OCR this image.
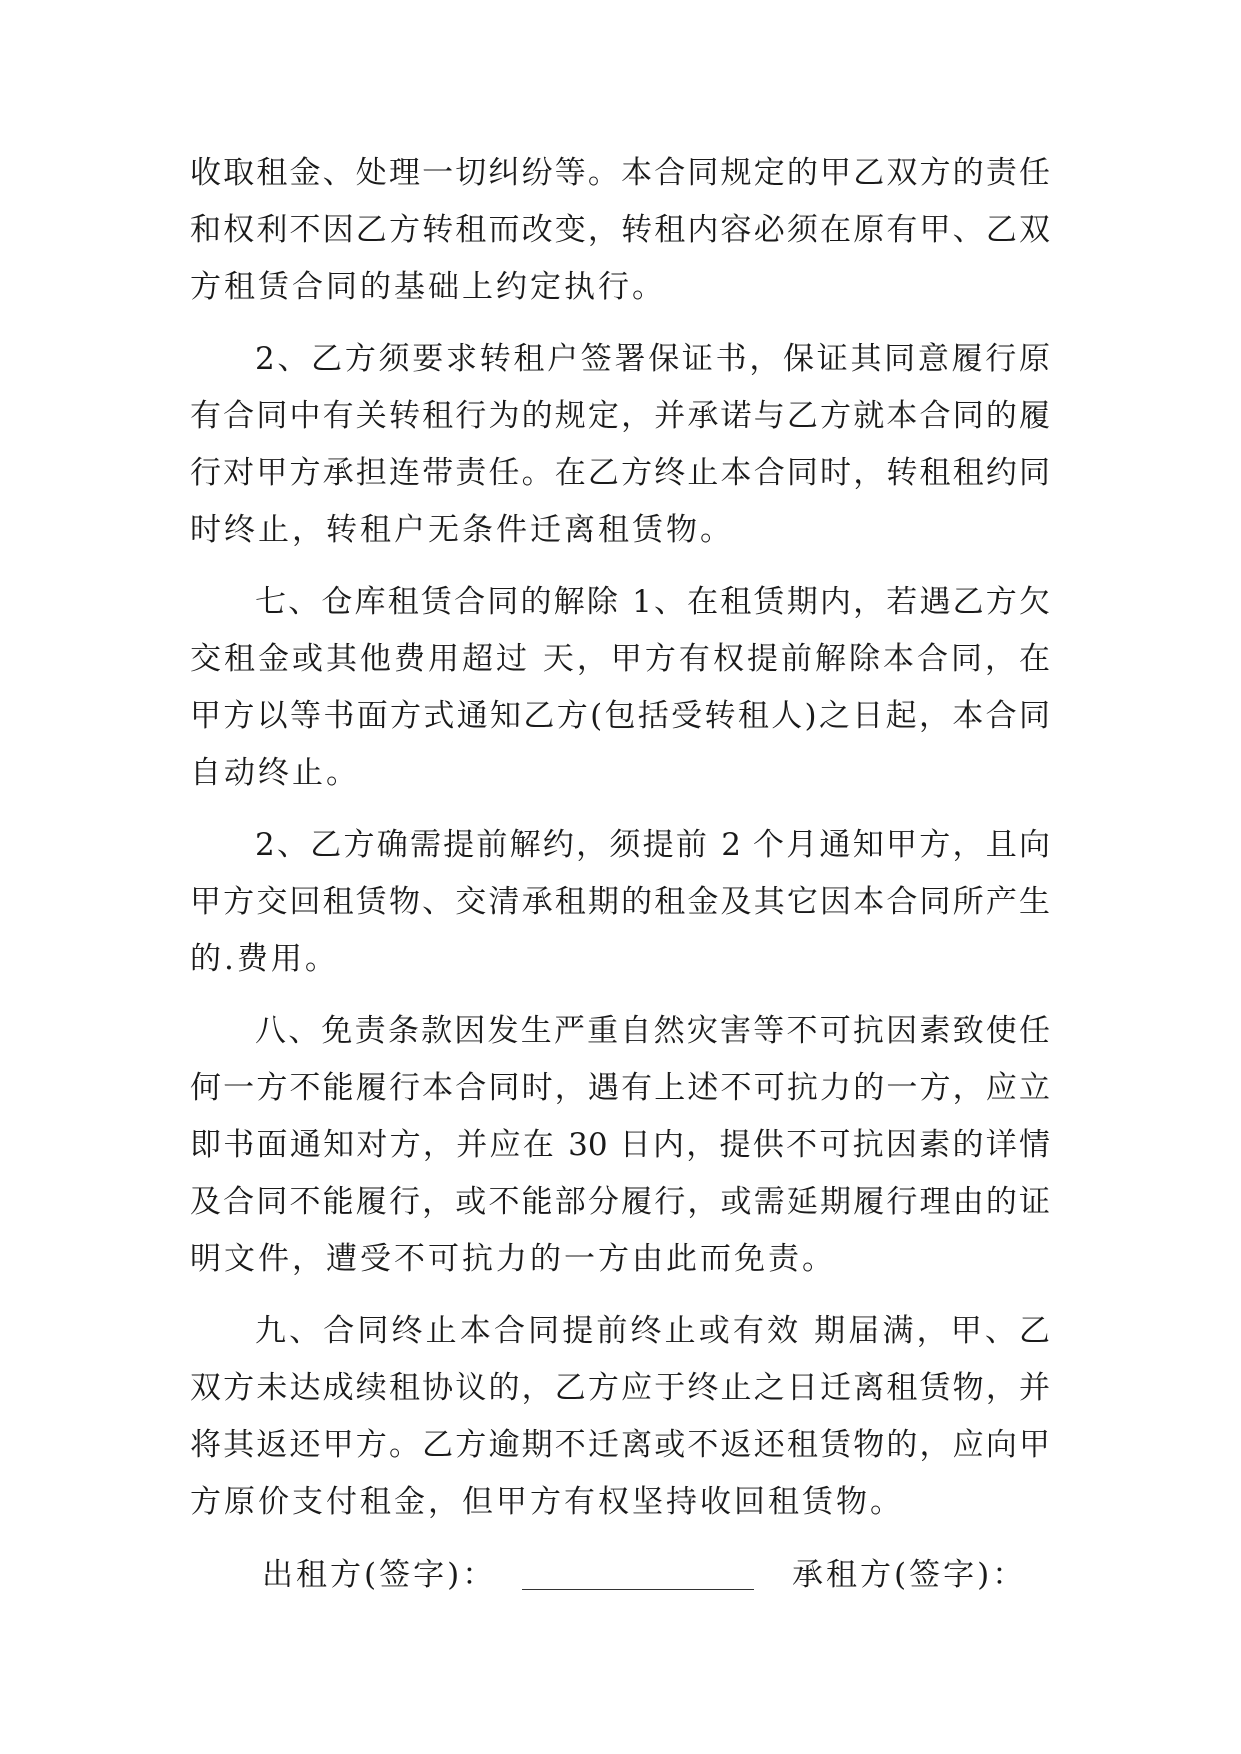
收取租金、处理一切纠纷等。本合同规定的甲乙双方的责任
和权利不因乙方转租而改变，转租内容必须在原有甲、乙双
方租赁合同的基础上约定执行。
2、乙方须要求转租户签署保证书，保证其同意履行原
有合同中有关转租行为的规定，并承诺与乙方就本合同的履
行对甲方承担连带责任。在乙方终止本合同时，转租租约同
时终止，转租户无条件迁离租赁物。
七、仓库租赁合同的解除 1、在租赁期内，若遇乙方欠
交租金或其他费用超过 天，甲方有权提前解除本合同，在
甲方以等书面方式通知乙方(包括受转租人)之日起，本合同
自动终止。
2、乙方确需提前解约，须提前 2 个月通知甲方，且向
甲方交回租赁物、交清承租期的租金及其它因本合同所产生
的.费用。
八、免责条款因发生严重自然灾害等不可抗因素致使任
何一方不能履行本合同时，遇有上述不可抗力的一方，应立
即书面通知对方，并应在 30 日内，提供不可抗因素的详情
及合同不能履行，或不能部分履行，或需延期履行理由的证
明文件，遭受不可抗力的一方由此而免责。
九、合同终止本合同提前终止或有效 期届满，甲、乙
双方未达成续租协议的，乙方应于终止之日迁离租赁物，并
将其返还甲方。乙方逾期不迁离或不返还租赁物的，应向甲
方原价支付租金，但甲方有权坚持收回租赁物。
出租方(签字)：	承租方(签字)：
